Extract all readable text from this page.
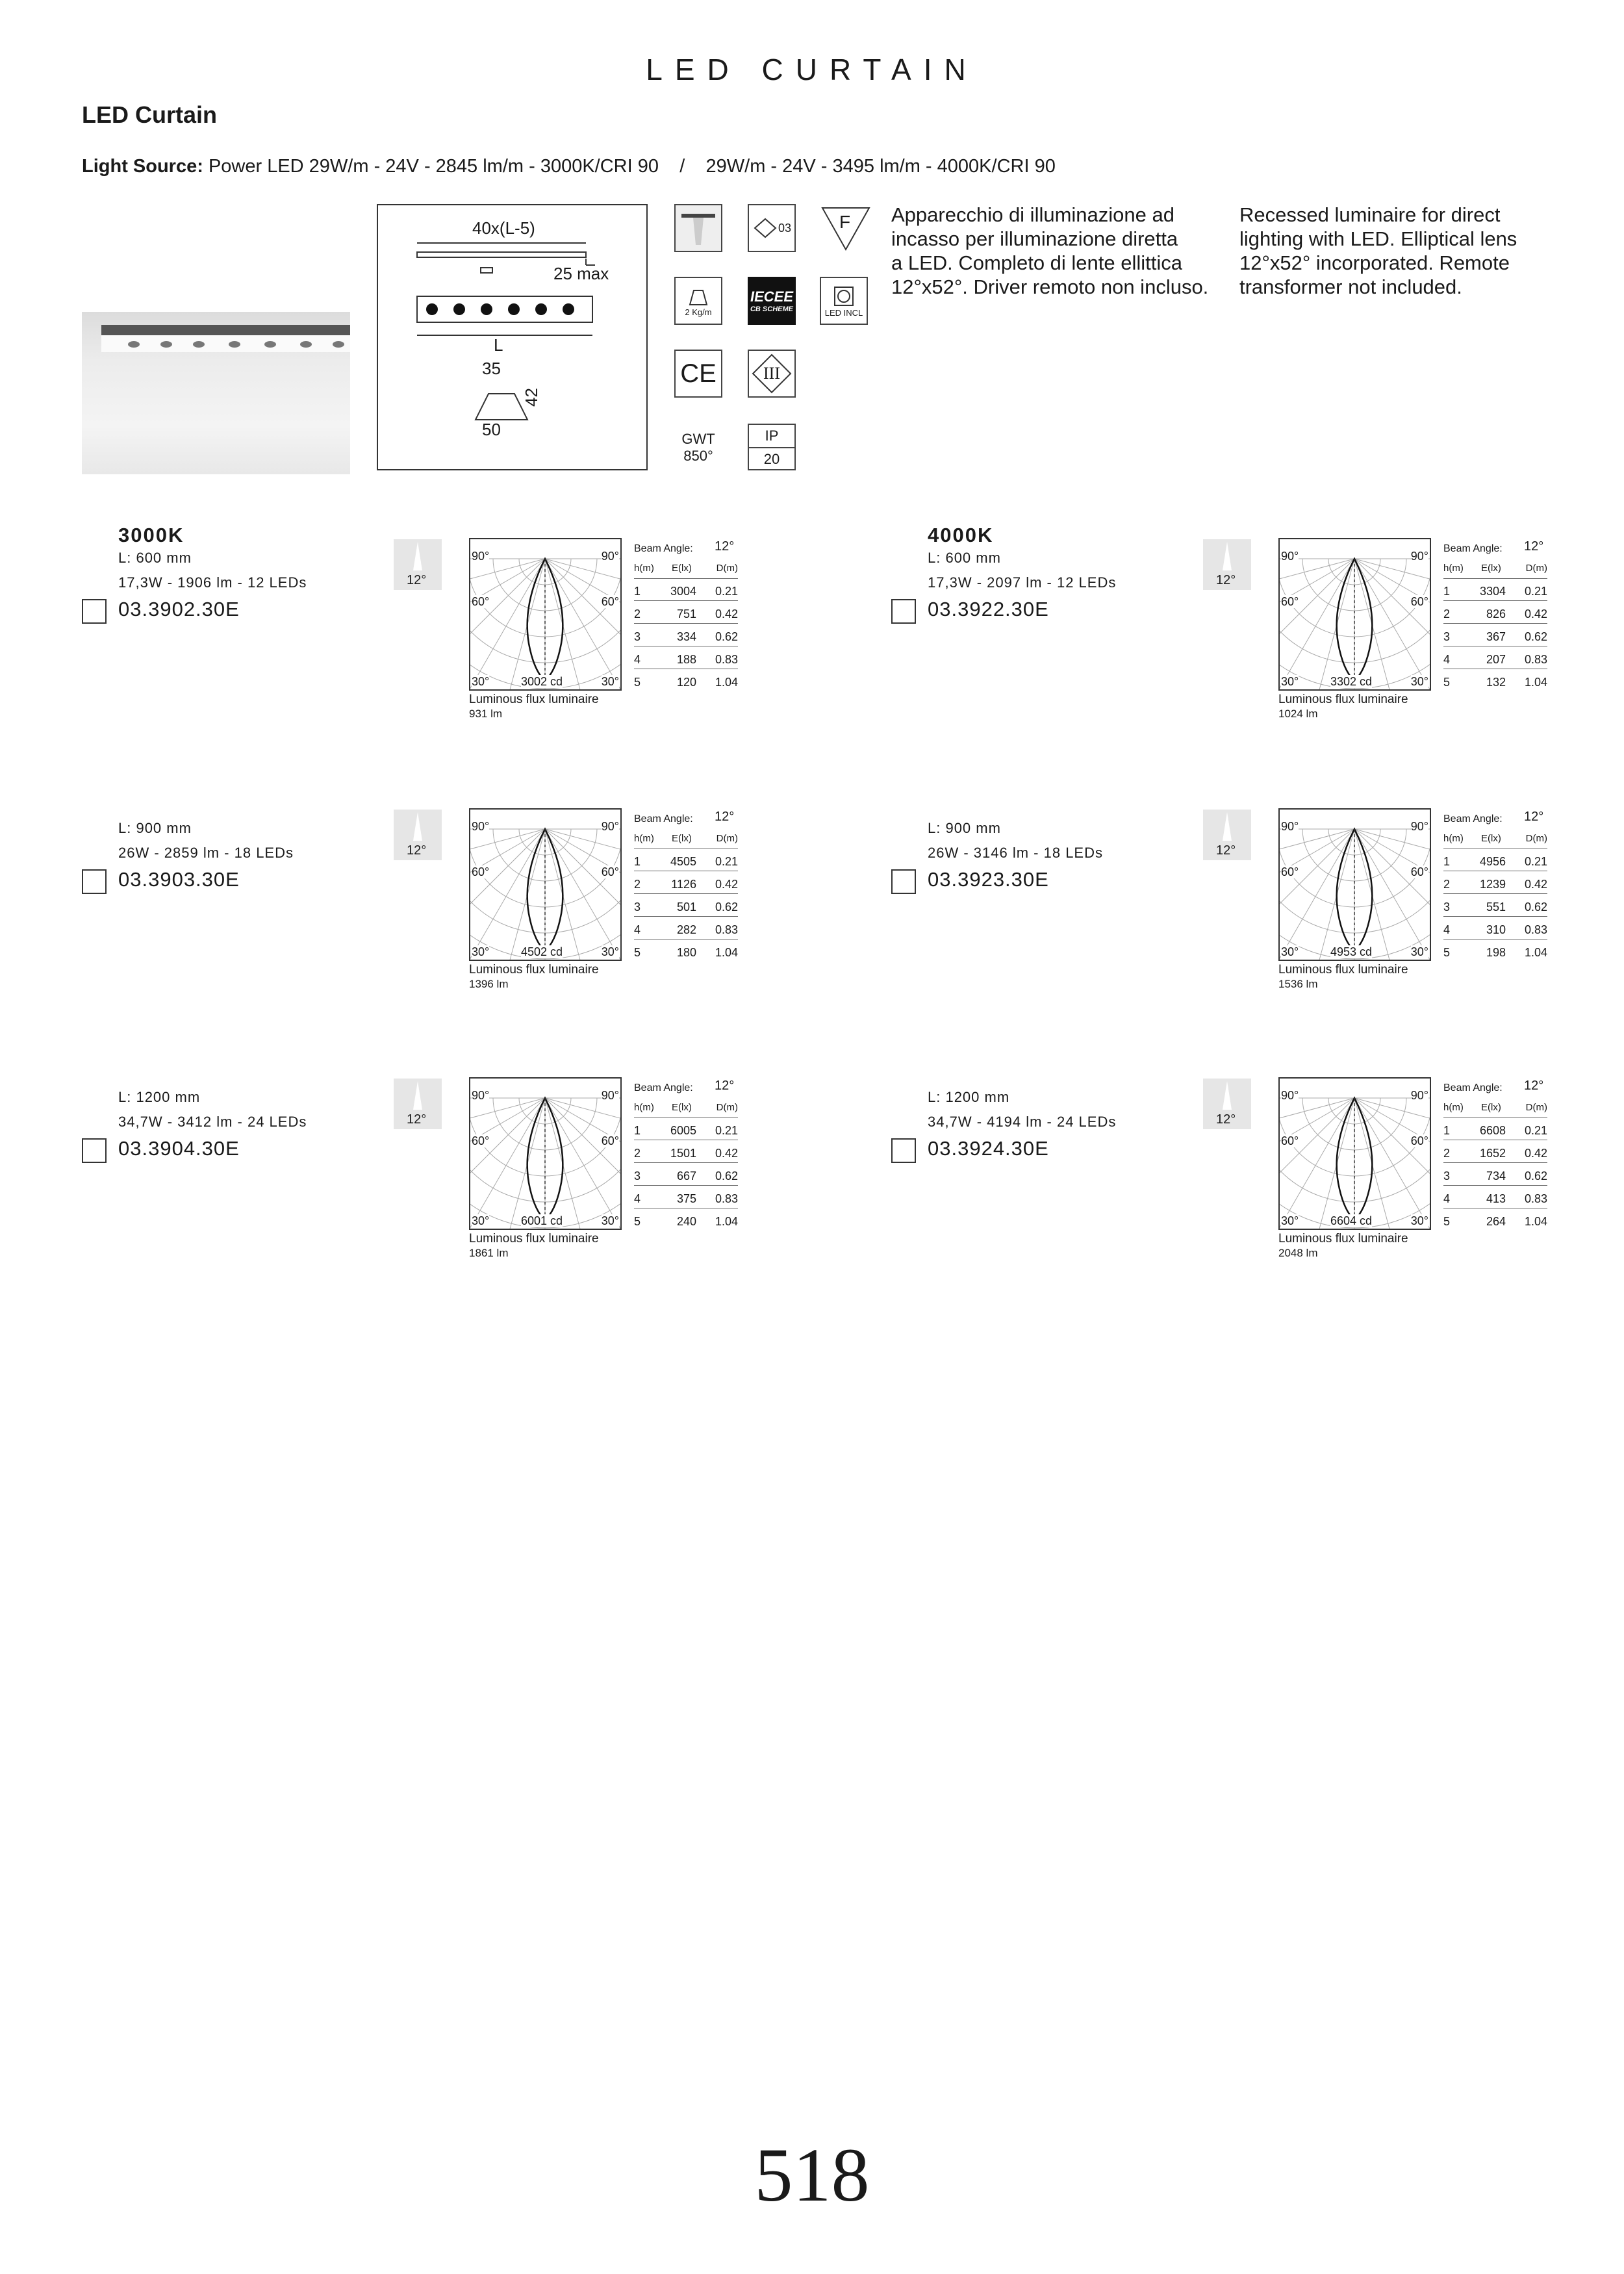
LED CURTAIN
LED Curtain
Light Source: Power LED 29W/m - 24V - 2845 lm/m - 3000K/CRI 90    /    29W/m - 24V - 3495 lm/m - 4000K/CRI 90
40x(L-5)
25 max
L
35
42
50
03	F
2 Kg/m
IECEE
CB SCHEME	LED INCL
CE	III
GWT
850°
IP
20
Apparecchio di illuminazione ad
incasso per illuminazione diretta
a LED. Completo di lente ellittica
12°x52°. Driver remoto non incluso.
Recessed luminaire for direct
lighting with LED. Elliptical lens
12°x52° incorporated. Remote
transformer not included.
3000K	4000K
L: 600 mm
17,3W - 1906 lm - 12 LEDs
03.3902.30E
12°
90°	90°
60°	60°
30°	30°
3002 cd
Luminous flux luminaire
931 lm
Beam Angle: 12°
h(m) E(lx)	D(m)
1	3004 0.21
2	751 0.42
3	334 0.62
4	188 0.83
5	120 1.04
L: 900 mm
26W - 2859 lm - 18 LEDs
03.3903.30E
12°
90°	90°
60°	60°
30°	30°
4502 cd
Luminous flux luminaire
1396 lm
Beam Angle: 12°
h(m) E(lx)	D(m)
1	4505 0.21
2	1126 0.42
3	501 0.62
4	282 0.83
5	180 1.04
L: 1200 mm
34,7W - 3412 lm - 24 LEDs
03.3904.30E
12°
90°	90°
60°	60°
30°	30°
6001 cd
Luminous flux luminaire
1861 lm
Beam Angle: 12°
h(m) E(lx)	D(m)
1	6005 0.21
2	1501 0.42
3	667 0.62
4	375 0.83
5	240 1.04
L: 600 mm
17,3W - 2097 lm - 12 LEDs
03.3922.30E
12°
90°	90°
60°	60°
30°	30°
3302 cd
Luminous flux luminaire
1024 lm
Beam Angle: 12°
h(m) E(lx)	D(m)
1	3304 0.21
2	826 0.42
3	367 0.62
4	207 0.83
5	132 1.04
L: 900 mm
26W - 3146 lm - 18 LEDs
03.3923.30E
12°
90°	90°
60°	60°
30°	30°
4953 cd
Luminous flux luminaire
1536 lm
Beam Angle: 12°
h(m) E(lx)	D(m)
1	4956 0.21
2	1239 0.42
3	551 0.62
4	310 0.83
5	198 1.04
L: 1200 mm
34,7W - 4194 lm - 24 LEDs
03.3924.30E
12°
90°	90°
60°	60°
30°	30°
6604 cd
Luminous flux luminaire
2048 lm
Beam Angle: 12°
h(m) E(lx)	D(m)
1	6608 0.21
2	1652 0.42
3	734 0.62
4	413 0.83
5	264 1.04
518
